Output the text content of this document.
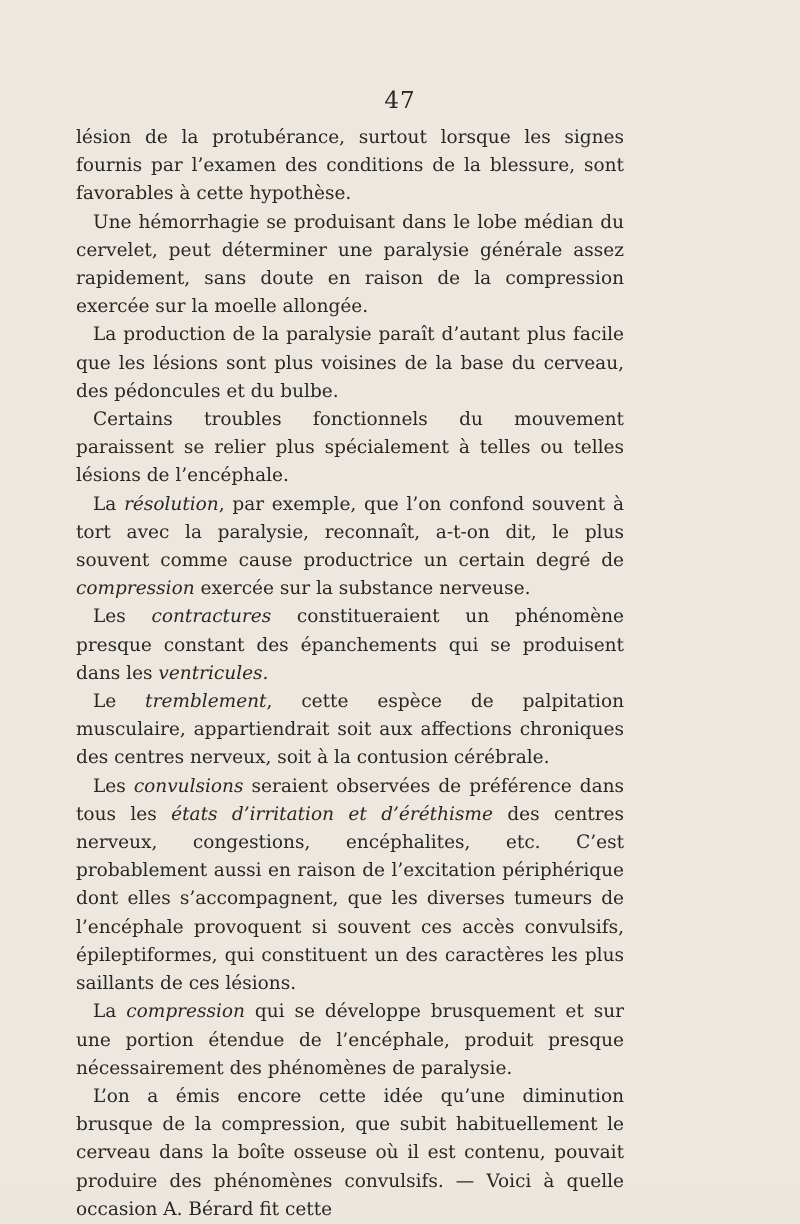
47

lésion de la protubérance, surtout lorsque les signes fournis par l’examen des conditions de la blessure, sont favorables à cette hypothèse.

Une hémorrhagie se produisant dans le lobe médian du cervelet, peut déterminer une paralysie générale assez rapidement, sans doute en raison de la compression exercée sur la moelle allongée.

La production de la paralysie paraît d’autant plus facile que les lésions sont plus voisines de la base du cerveau, des pédoncules et du bulbe.

Certains troubles fonctionnels du mouvement paraissent se relier plus spécialement à telles ou telles lésions de l’encéphale.

La résolution, par exemple, que l’on confond souvent à tort avec la paralysie, reconnaît, a-t-on dit, le plus souvent comme cause productrice un certain degré de compression exercée sur la substance nerveuse.

Les contractures constitueraient un phénomène presque constant des épanchements qui se produisent dans les ventricules.

Le tremblement, cette espèce de palpitation musculaire, appartiendrait soit aux affections chroniques des centres nerveux, soit à la contusion cérébrale.

Les convulsions seraient observées de préférence dans tous les états d’irritation et d’éréthisme des centres nerveux, congestions, encéphalites, etc. C’est probablement aussi en raison de l’excitation périphérique dont elles s’accompagnent, que les diverses tumeurs de l’encéphale provoquent si souvent ces accès convulsifs, épileptiformes, qui constituent un des caractères les plus saillants de ces lésions.

La compression qui se développe brusquement et sur une portion étendue de l’encéphale, produit presque nécessairement des phénomènes de paralysie.

L’on a émis encore cette idée qu’une diminution brusque de la compression, que subit habituellement le cerveau dans la boîte osseuse où il est contenu, pouvait produire des phénomènes convulsifs. — Voici à quelle occasion A. Bérard fit cette
